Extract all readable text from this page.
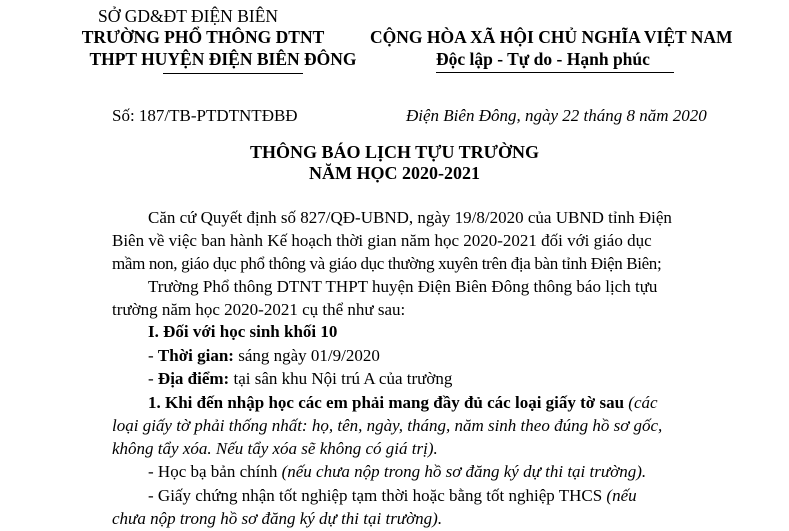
SỞ GD&ĐT ĐIỆN BIÊN
TRƯỜNG PHỔ THÔNG DTNT
THPT HUYỆN ĐIỆN BIÊN ĐÔNG
CỘNG HÒA XÃ HỘI CHỦ NGHĨA VIỆT NAM
Độc lập - Tự do - Hạnh phúc
Số: 187/TB-PTDTNTĐBĐ	Điện Biên Đông, ngày 22 tháng 8 năm 2020
THÔNG BÁO LỊCH TỰU TRƯỜNG
NĂM HỌC 2020-2021
Căn cứ Quyết định số 827/QĐ-UBND, ngày 19/8/2020 của UBND tỉnh Điện
Biên về việc ban hành Kế hoạch thời gian năm học 2020-2021 đối với giáo dục
mầm non, giáo dục phổ thông và giáo dục thường xuyên trên địa bàn tỉnh Điện Biên;
Trường Phổ thông DTNT THPT huyện Điện Biên Đông thông báo lịch tựu
trường năm học 2020-2021 cụ thể như sau:
I. Đối với học sinh khối 10
- Thời gian: sáng ngày 01/9/2020
- Địa điểm: tại sân khu Nội trú A của trường
1. Khi đến nhập học các em phải mang đầy đủ các loại giấy tờ sau (các
loại giấy tờ phải thống nhất: họ, tên, ngày, tháng, năm sinh theo đúng hồ sơ gốc,
không tẩy xóa. Nếu tẩy xóa sẽ không có giá trị).
- Học bạ bản chính (nếu chưa nộp trong hồ sơ đăng ký dự thi tại trường).
- Giấy chứng nhận tốt nghiệp tạm thời hoặc bằng tốt nghiệp THCS (nếu
chưa nộp trong hồ sơ đăng ký dự thi tại trường).
